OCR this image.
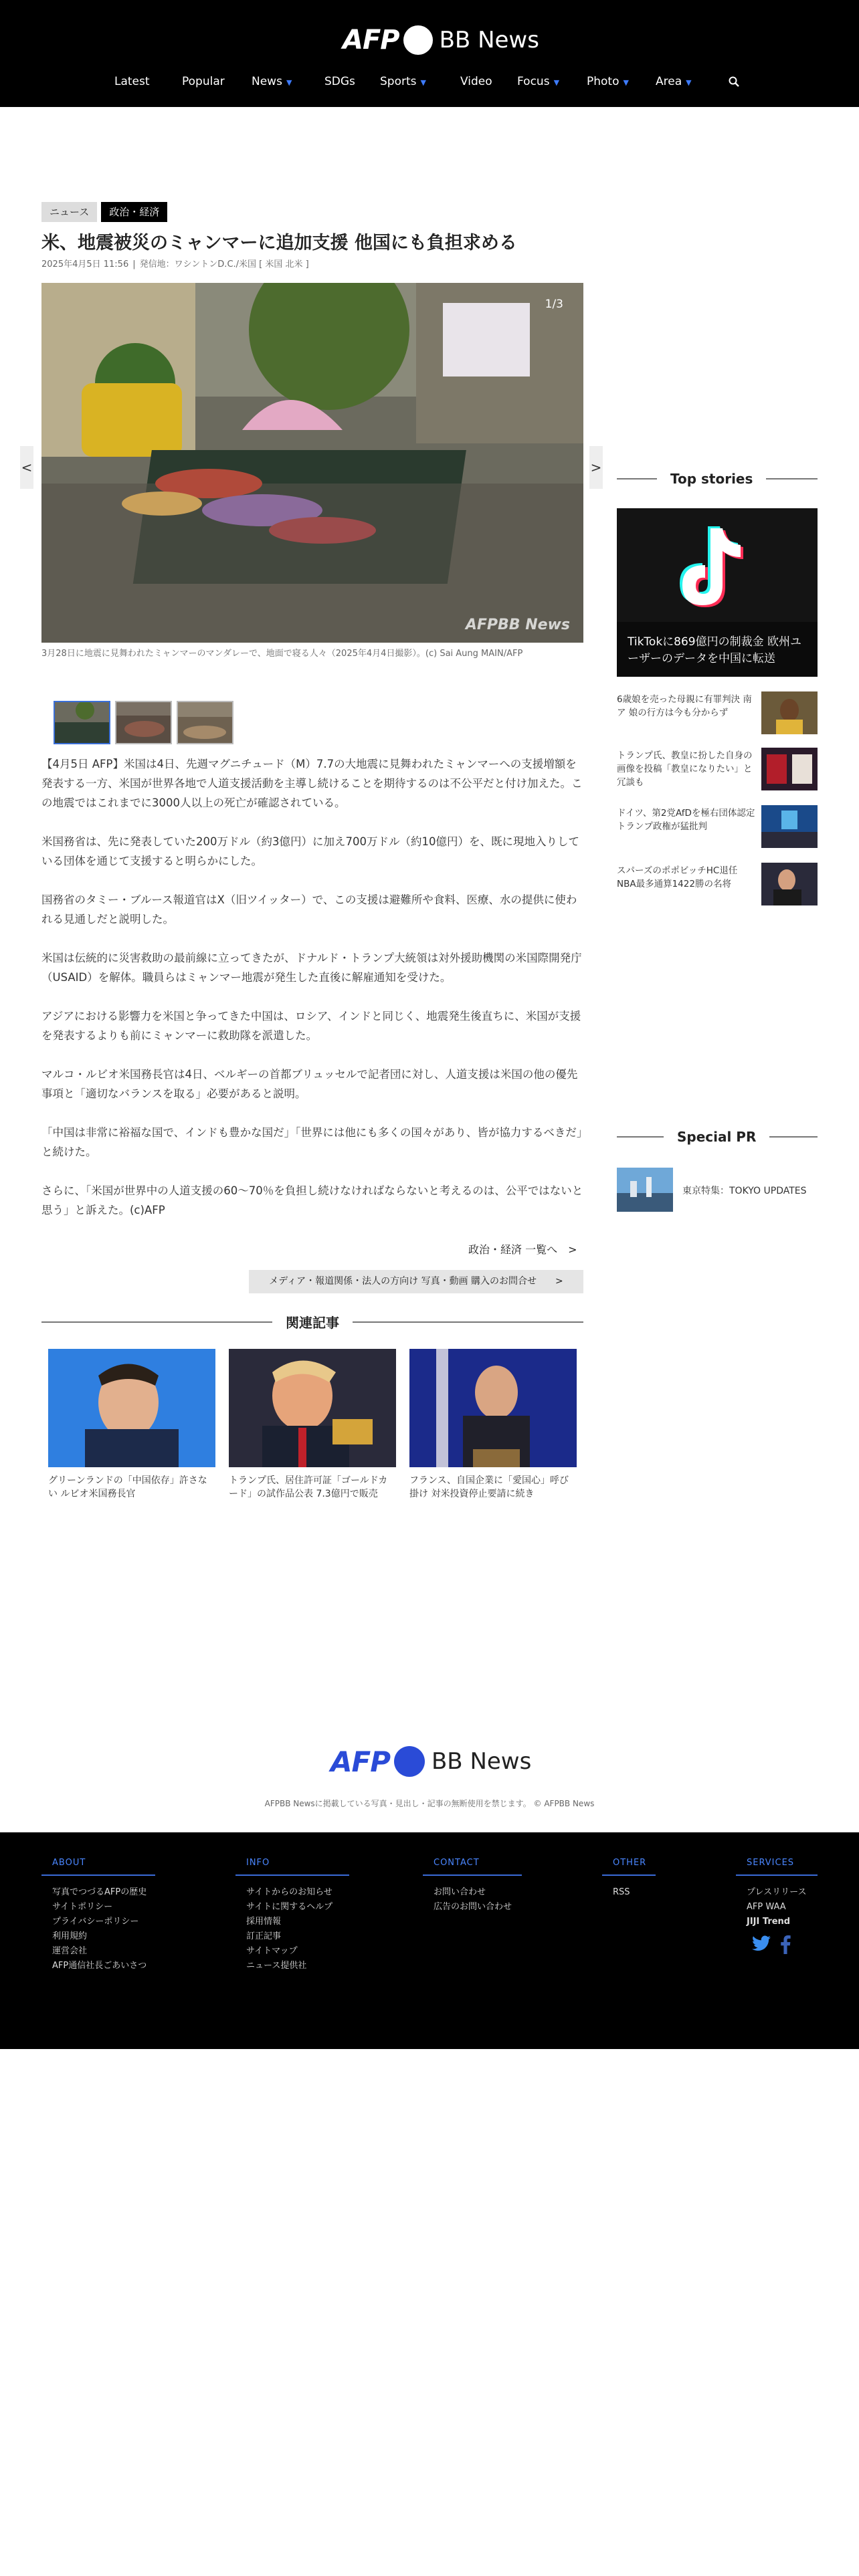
AFP BB News
Latest	Popular News ▼	SDGs Sports ▼	Video Focus ▼ Photo ▼ Area ▼
ニュース	政治・経済
米、地震被災のミャンマーに追加支援 他国にも負担求める
2025年4月5日 11:56 | 発信地：ワシントンD.C./米国 [ 米国 北米 ]
<	>
1/3
AFPBB News

3月28日に地震に見舞われたミャンマーのマンダレーで、地面で寝る人々（2025年4月4日撮影）。(c) Sai Aung MAIN/AFP

【4月5日 AFP】米国は4日、先週マグニチュード（M）7.7の大地震に見舞われたミャンマーへの支援増額を発表する一方、米国が世界各地で人道支援活動を主導し続けることを期待するのは不公平だと付け加えた。この地震ではこれまでに3000人以上の死亡が確認されている。

米国務省は、先に発表していた200万ドル（約3億円）に加え700万ドル（約10億円）を、既に現地入りしている団体を通じて支援すると明らかにした。

国務省のタミー・ブルース報道官はX（旧ツイッター）で、この支援は避難所や食料、医療、水の提供に使われる見通しだと説明した。

米国は伝統的に災害救助の最前線に立ってきたが、ドナルド・トランプ大統領は対外援助機関の米国際開発庁（USAID）を解体。職員らはミャンマー地震が発生した直後に解雇通知を受けた。

アジアにおける影響力を米国と争ってきた中国は、ロシア、インドと同じく、地震発生後直ちに、米国が支援を発表するよりも前にミャンマーに救助隊を派遣した。

マルコ・ルビオ米国務長官は4日、ベルギーの首都ブリュッセルで記者団に対し、人道支援は米国の他の優先事項と「適切なバランスを取る」必要があると説明。

「中国は非常に裕福な国で、インドも豊かな国だ」「世界には他にも多くの国々があり、皆が協力するべきだ」と続けた。

さらに、「米国が世界中の人道支援の60～70％を負担し続けなければならないと考えるのは、公平ではないと思う」と訴えた。(c)AFP

政治・経済 一覧へ　>
メディア・報道関係・法人の方向け 写真・動画 購入のお問合せ　　>
関連記事

グリーンランドの「中国依存」許さない ルビオ米国務長官

トランプ氏、居住許可証「ゴールドカード」の試作品公表 7.3億円で販売

フランス、自国企業に「愛国心」呼び掛け 対米投資停止要請に続き

Top stories

TikTokに869億円の制裁金 欧州ユーザーのデータを中国に転送

6歳娘を売った母親に有罪判決 南ア 娘の行方は今も分からず

トランプ氏、教皇に扮した自身の画像を投稿「教皇になりたい」と冗談も

ドイツ、第2党AfDを極右団体認定 トランプ政権が猛批判

スパーズのポポビッチHC退任 NBA最多通算1422勝の名将

Special PR
東京特集：TOKYO UPDATES
AFP BB News

AFPBB Newsに掲載している写真・見出し・記事の無断使用を禁じます。 © AFPBB News

ABOUT
写真でつづるAFPの歴史
サイトポリシー
プライバシーポリシー
利用規約
運営会社
AFP通信社長ごあいさつ
INFO
サイトからのお知らせ
サイトに関するヘルプ
採用情報
訂正記事
サイトマップ
ニュース提供社
CONTACT
お問い合わせ
広告のお問い合わせ
OTHER
RSS
SERVICES
プレスリリース
AFP WAA
JIJI Trend
